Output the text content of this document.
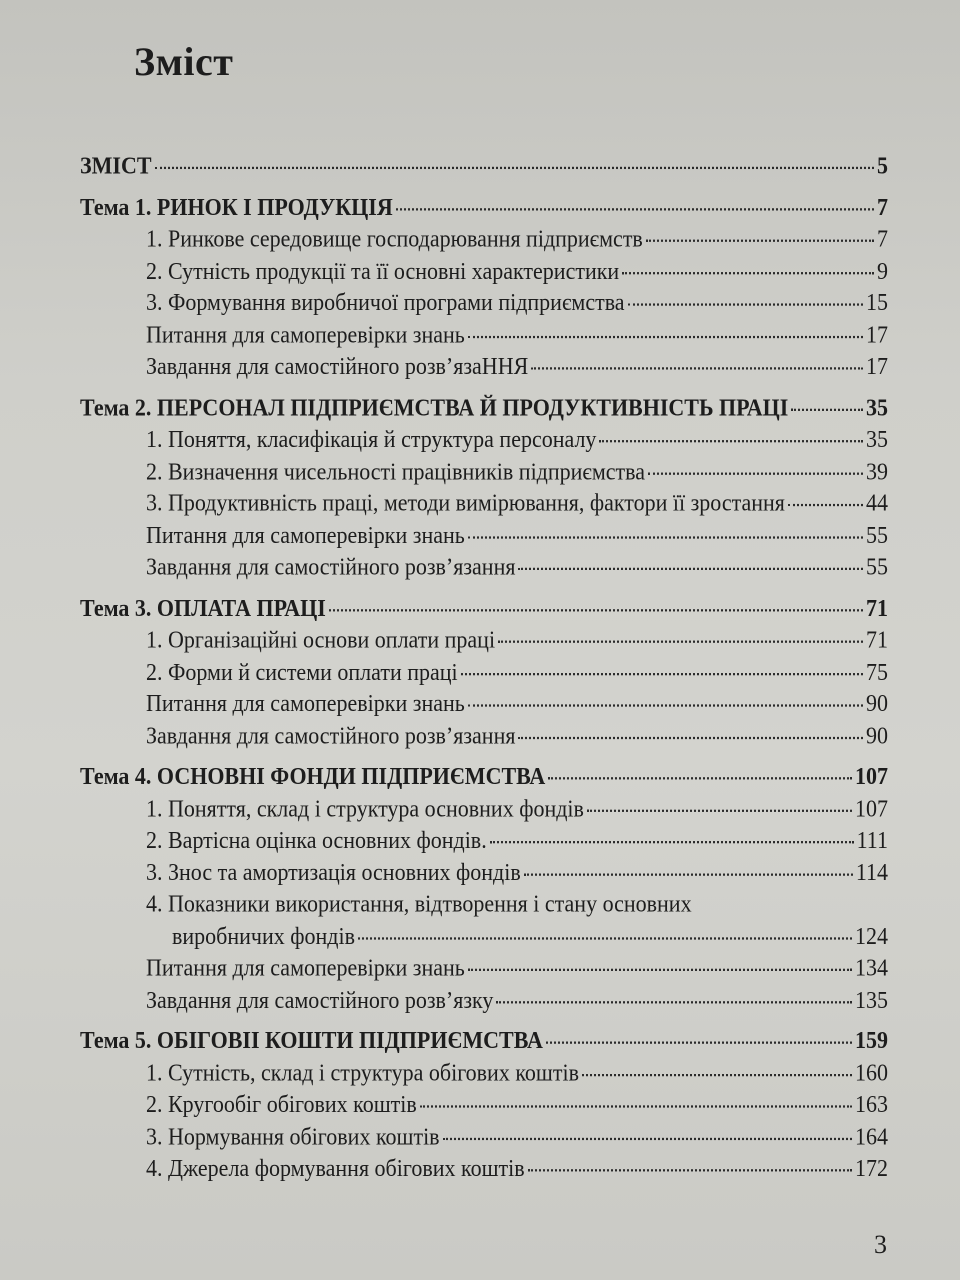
Зміст
ЗМІСТ	5
Тема 1. РИНОК І ПРОДУКЦІЯ	7
1. Ринкове середовище господарювання підприємств	7
2. Сутність продукції та її основні характеристики	9
3. Формування виробничої програми підприємства	15
Питання для самоперевірки знань	17
Завдання для самостійного розв’язаННЯ	17
Тема 2. ПЕРСОНАЛ ПІДПРИЄМСТВА Й ПРОДУКТИВНІСТЬ ПРАЦІ	35
1. Поняття, класифікація й структура персоналу	35
2. Визначення чисельності працівників підприємства	39
3. Продуктивність праці, методи вимірювання, фактори її зростання	44
Питання для самоперевірки знань	55
Завдання для самостійного розв’язання	55
Тема 3. ОПЛАТА ПРАЦІ	71
1. Організаційні основи оплати праці	71
2. Форми й системи оплати праці	75
Питання для самоперевірки знань	90
Завдання для самостійного розв’язання	90
Тема 4. ОСНОВНІ ФОНДИ ПІДПРИЄМСТВА	107
1. Поняття, склад і структура основних фондів	107
2. Вартісна оцінка основних фондів.	111
3. Знос та амортизація основних фондів	114
4. Показники використання, відтворення і стану основних
виробничих фондів	124
Питання для самоперевірки знань	134
Завдання для самостійного розв’язку	135
Тема 5. ОБІГОВІІ КОШТИ ПІДПРИЄМСТВА	159
1. Сутність, склад і структура обігових коштів	160
2. Кругообіг обігових коштів	163
3. Нормування обігових коштів	164
4. Джерела формування обігових коштів	172
3
